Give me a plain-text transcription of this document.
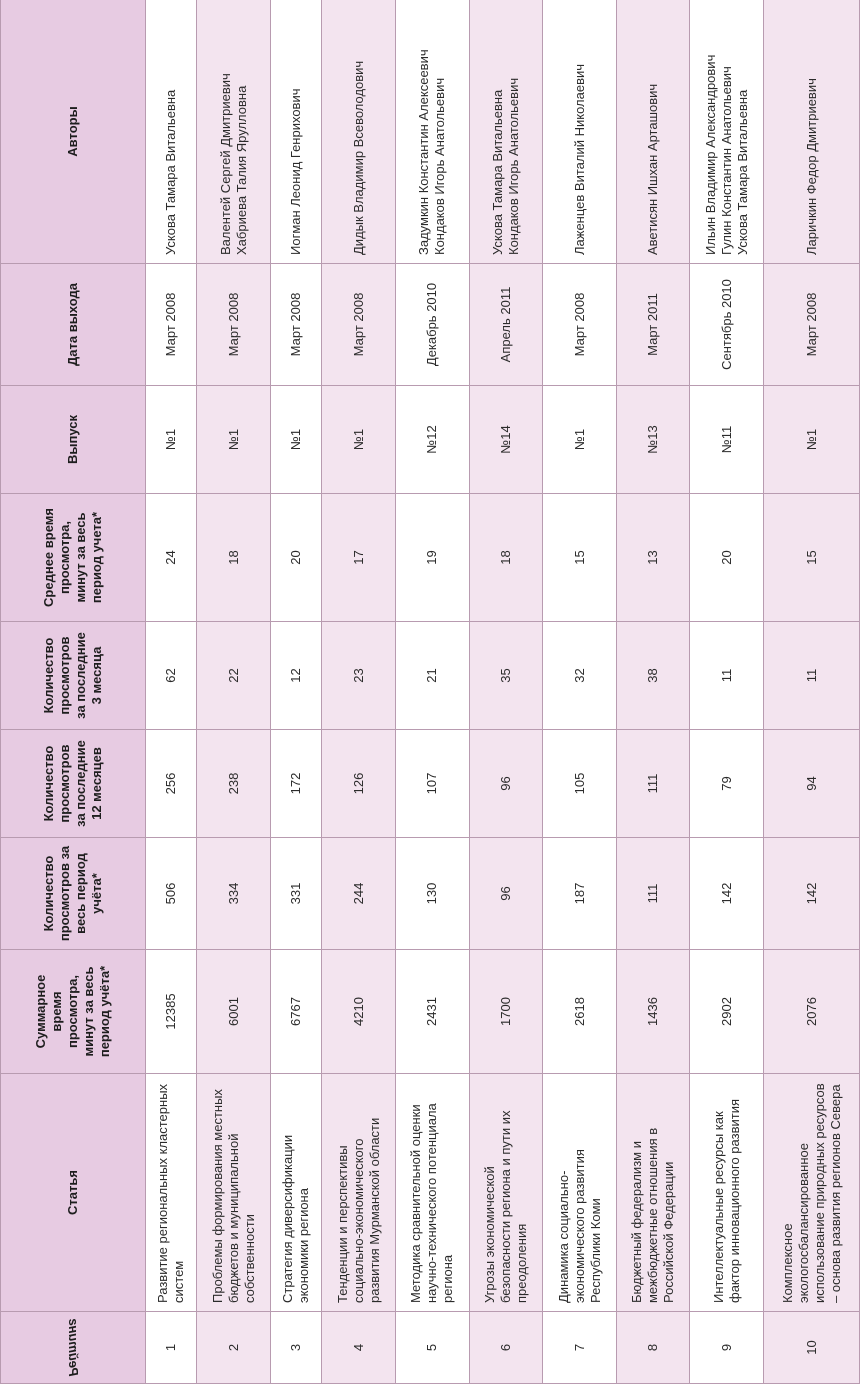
Рейтинг	Статья	Суммарное время просмотра, минут за весь период учёта*	Количество просмотров за весь период учёта*	Количество просмотров за последние 12 месяцев	Количество просмотров за последние 3 месяца	Среднее время просмотра, минут за весь период учета*	Выпуск	Дата выхода	Авторы
1	Развитие региональных кластерных систем	12385	506	256	62	24	№1	Март 2008	Ускова Тамара Витальевна

2	Проблемы формирования местных бюджетов и муниципальной собственности	6001	334	238	22	18	№1	Март 2008	Валентей Сергей Дмитриевич Хабриева Талия Ярулловна

3	Стратегия диверсификации экономики региона	6767	331	172	12	20	№1	Март 2008	Иогман Леонид Генрихович

4	Тенденции и перспективы социально-экономического развития Мурманской области	4210	244	126	23	17	№1	Март 2008	Дидык Владимир Всеволодович

5	Методика сравнительной оценки научно-технического потенциала региона	2431	130	107	21	19	№12	Декабрь 2010	Задумкин Константин Алексеевич Кондаков Игорь Анатольевич

6	Угрозы экономической безопасности региона и пути их преодоления	1700	96	96	35	18	№14	Апрель 2011	Ускова Тамара Витальевна Кондаков Игорь Анатольевич

7	Динамика социально-экономического развития Республики Коми	2618	187	105	32	15	№1	Март 2008	Лаженцев Виталий Николаевич

8	Бюджетный федерализм и межбюджетные отношения в Российской Федерации	1436	111	111	38	13	№13	Март 2011	Аветисян Ишхан Арташович

9	Интеллектуальные ресурсы как фактор инновационного развития	2902	142	79	11	20	№11	Сентябрь 2010	Ильин Владимир Александрович Гулин Константин Анатольевич Ускова Тамара Витальевна

10	Комплексное экологосбалансированное использование природных ресурсов – основа развития регионов Севера	2076	142	94	11	15	№1	Март 2008	Ларичкин Федор Дмитриевич
